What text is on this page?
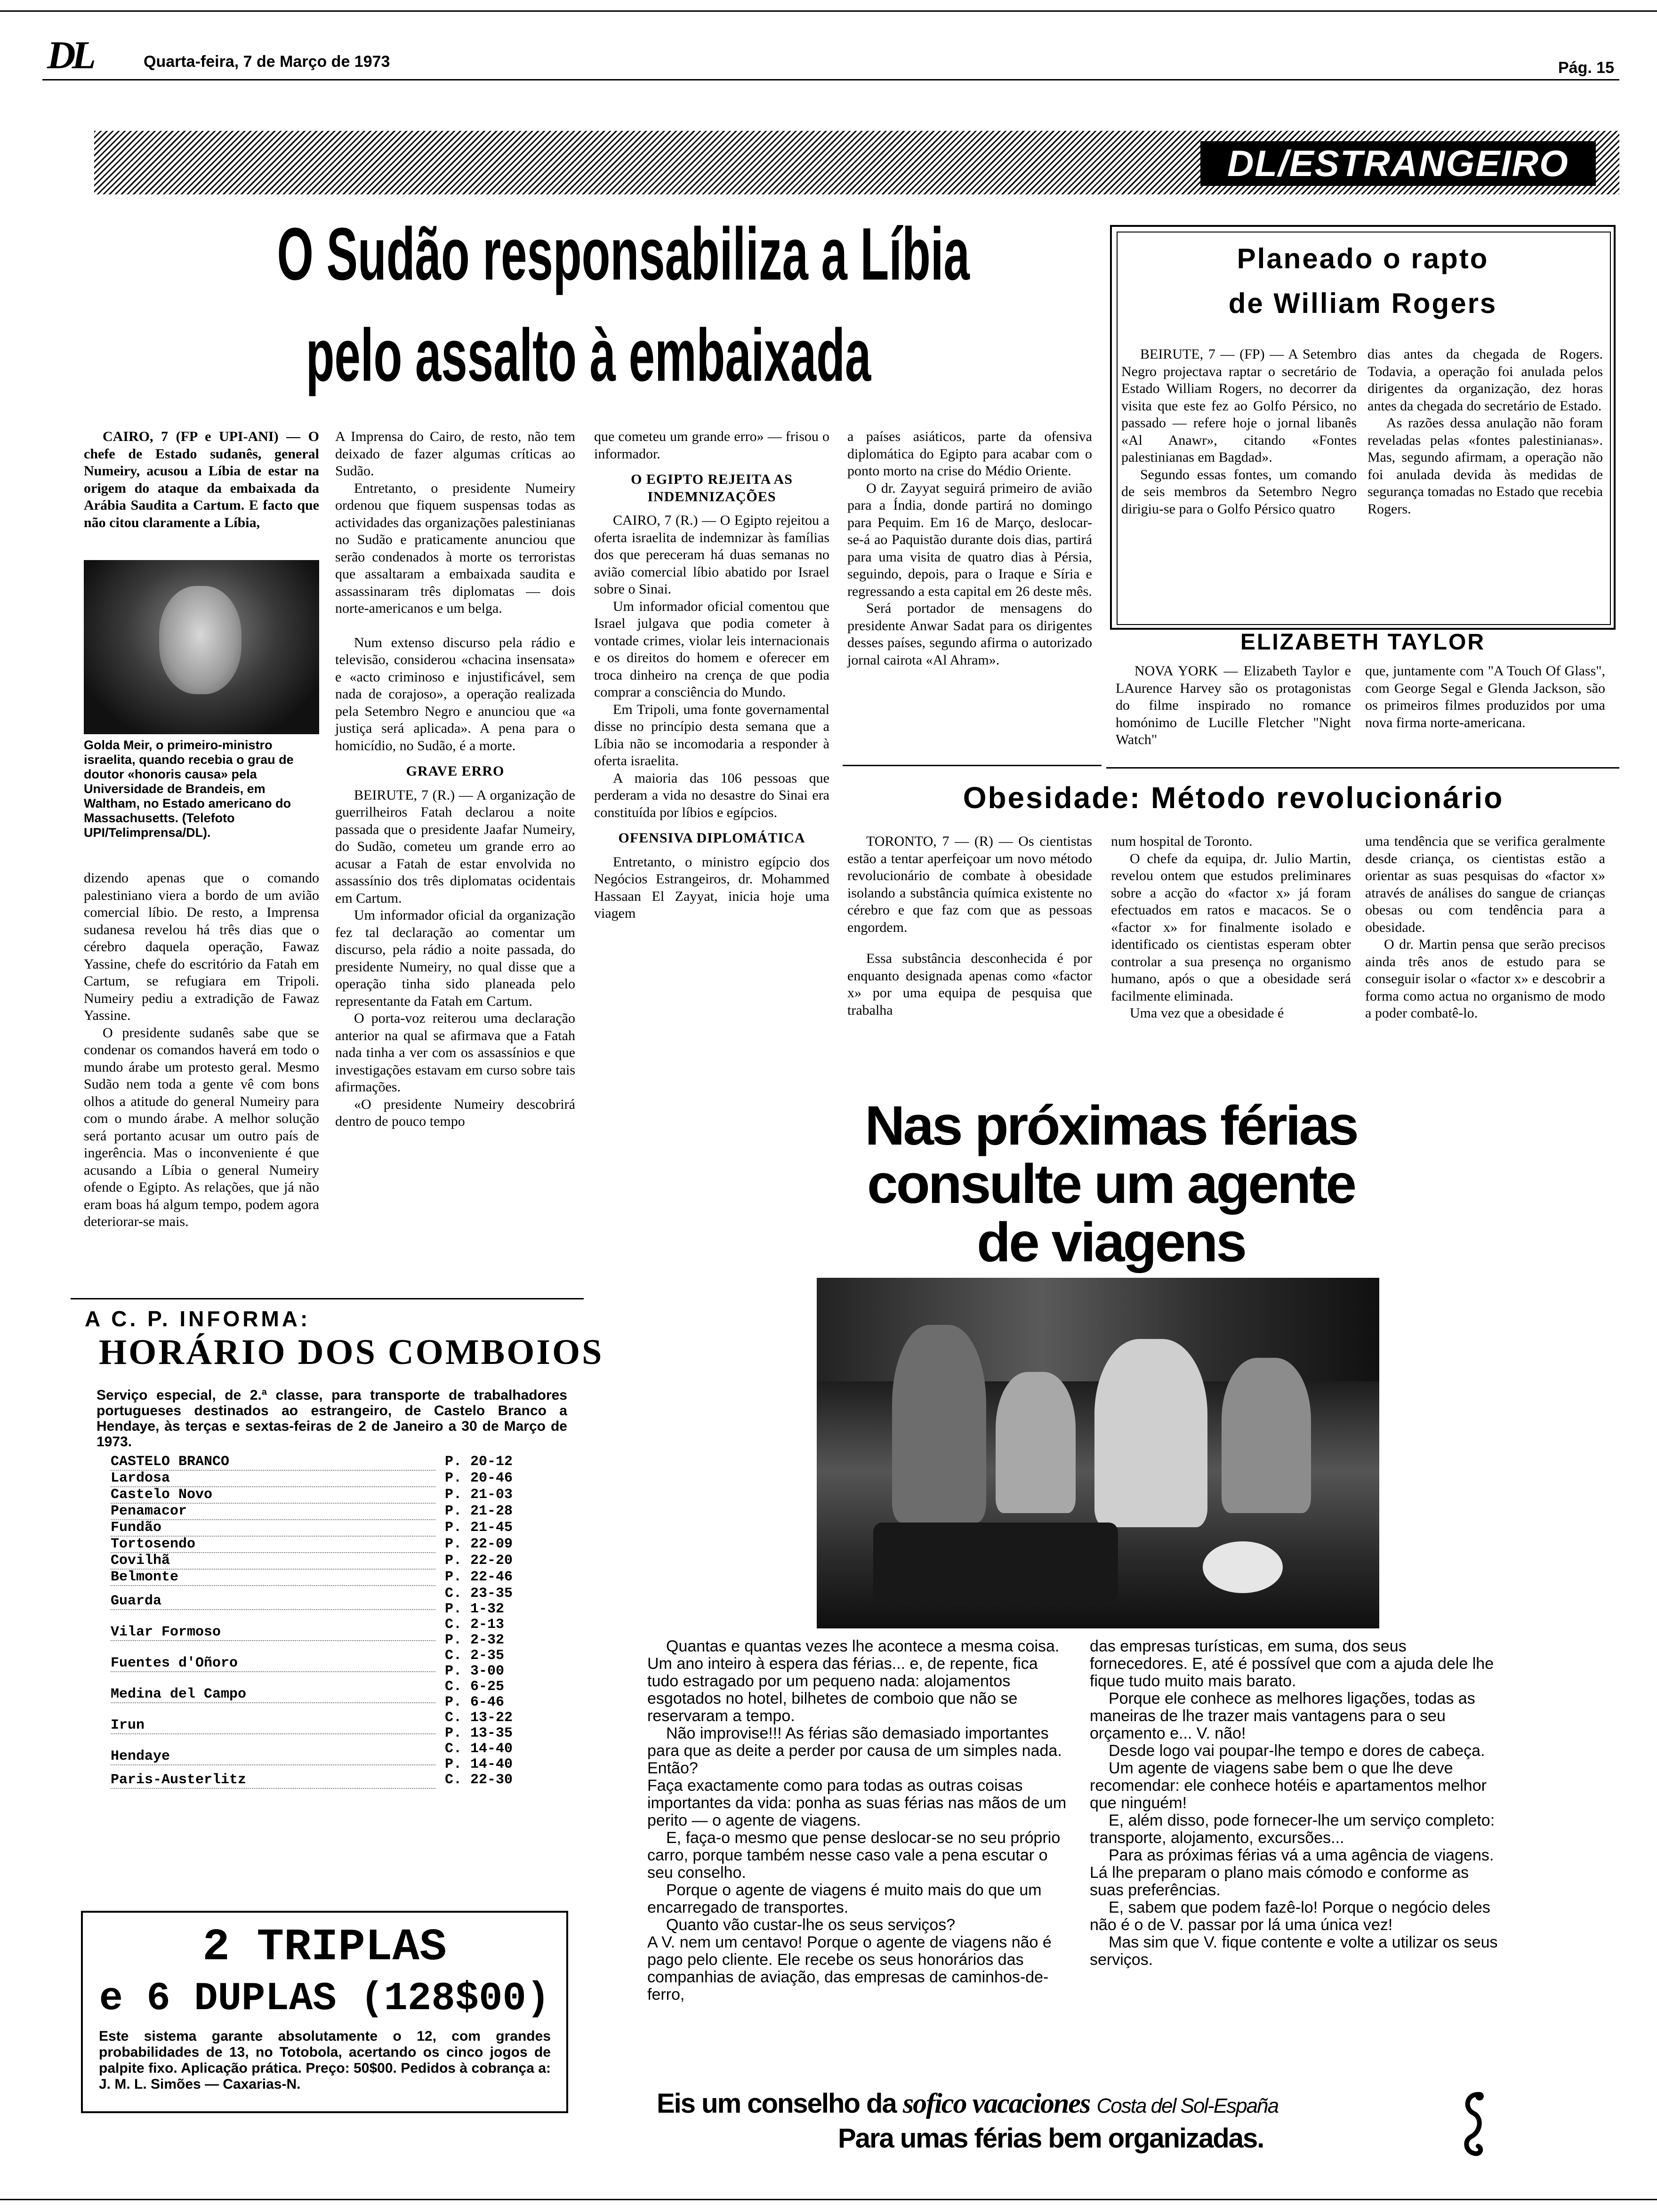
DL	Quarta-feira, 7 de Março de 1973	Pág. 15
DL/ESTRANGEIRO
O Sudão responsabiliza a Líbia
pelo assalto à embaixada

CAIRO, 7 (FP e UPI-ANI) — O chefe de Estado sudanês, general Numeiry, acusou a Líbia de estar na origem do ataque da embaixada da Arábia Saudita a Cartum. E facto que não citou claramente a Líbia,

Golda Meir, o primeiro-ministro israelita, quando recebia o grau de doutor «honoris causa» pela Universidade de Brandeis, em Waltham, no Estado americano do Massachusetts. (Telefoto UPI/Telimprensa/DL).

dizendo apenas que o comando palestiniano viera a bordo de um avião comercial líbio. De resto, a Imprensa sudanesa revelou há três dias que o cérebro daquela operação, Fawaz Yassine, chefe do escritório da Fatah em Cartum, se refugiara em Tripoli. Numeiry pediu a extradição de Fawaz Yassine.

O presidente sudanês sabe que se condenar os comandos haverá em todo o mundo árabe um protesto geral. Mesmo Sudão nem toda a gente vê com bons olhos a atitude do general Numeiry para com o mundo árabe. A melhor solução será portanto acusar um outro país de ingerência. Mas o inconveniente é que acusando a Líbia o general Numeiry ofende o Egipto. As relações, que já não eram boas há algum tempo, podem agora deteriorar-se mais.

A Imprensa do Cairo, de resto, não tem deixado de fazer algumas críticas ao Sudão.

Entretanto, o presidente Numeiry ordenou que fiquem suspensas todas as actividades das organizações palestinianas no Sudão e praticamente anunciou que serão condenados à morte os terroristas que assaltaram a embaixada saudita e assassinaram três diplomatas — dois norte-americanos e um belga.

Num extenso discurso pela rádio e televisão, considerou «chacina insensata» e «acto criminoso e injustificável, sem nada de corajoso», a operação realizada pela Setembro Negro e anunciou que «a justiça será aplicada». A pena para o homicídio, no Sudão, é a morte.

GRAVE ERRO

BEIRUTE, 7 (R.) — A organização de guerrilheiros Fatah declarou a noite passada que o presidente Jaafar Numeiry, do Sudão, cometeu um grande erro ao acusar a Fatah de estar envolvida no assassínio dos três diplomatas ocidentais em Cartum.

Um informador oficial da organização fez tal declaração ao comentar um discurso, pela rádio a noite passada, do presidente Numeiry, no qual disse que a operação tinha sido planeada pelo representante da Fatah em Cartum.

O porta-voz reiterou uma declaração anterior na qual se afirmava que a Fatah nada tinha a ver com os assassínios e que investigações estavam em curso sobre tais afirmações.

«O presidente Numeiry descobrirá dentro de pouco tempo

que cometeu um grande erro» — frisou o informador.

O EGIPTO REJEITA AS INDEMNIZAÇÕES

CAIRO, 7 (R.) — O Egipto rejeitou a oferta israelita de indemnizar às famílias dos que pereceram há duas semanas no avião comercial líbio abatido por Israel sobre o Sinai.

Um informador oficial comentou que Israel julgava que podia cometer à vontade crimes, violar leis internacionais e os direitos do homem e oferecer em troca dinheiro na crença de que podia comprar a consciência do Mundo.

Em Tripoli, uma fonte governamental disse no princípio desta semana que a Líbia não se incomodaria a responder à oferta israelita.

A maioria das 106 pessoas que perderam a vida no desastre do Sinai era constituída por líbios e egípcios.

OFENSIVA DIPLOMÁTICA

Entretanto, o ministro egípcio dos Negócios Estrangeiros, dr. Mohammed Hassaan El Zayyat, inicia hoje uma viagem

a países asiáticos, parte da ofensiva diplomática do Egipto para acabar com o ponto morto na crise do Médio Oriente.

O dr. Zayyat seguirá primeiro de avião para a Índia, donde partirá no domingo para Pequim. Em 16 de Março, deslocar-se-á ao Paquistão durante dois dias, partirá para uma visita de quatro dias à Pérsia, seguindo, depois, para o Iraque e Síria e regressando a esta capital em 26 deste mês.

Será portador de mensagens do presidente Anwar Sadat para os dirigentes desses países, segundo afirma o autorizado jornal cairota «Al Ahram».

Planeado o rapto
de William Rogers

BEIRUTE, 7 — (FP) — A Setembro Negro projectava raptar o secretário de Estado William Rogers, no decorrer da visita que este fez ao Golfo Pérsico, no passado — refere hoje o jornal libanês «Al Anawr», citando «Fontes palestinianas em Bagdad».

Segundo essas fontes, um comando de seis membros da Setembro Negro dirigiu-se para o Golfo Pérsico quatro

dias antes da chegada de Rogers. Todavia, a operação foi anulada pelos dirigentes da organização, dez horas antes da chegada do secretário de Estado.

As razões dessa anulação não foram reveladas pelas «fontes palestinianas». Mas, segundo afirmam, a operação não foi anulada devida às medidas de segurança tomadas no Estado que recebia Rogers.

ELIZABETH TAYLOR

NOVA YORK — Elizabeth Taylor e LAurence Harvey são os protagonistas do filme inspirado no romance homónimo de Lucille Fletcher "Night Watch"

que, juntamente com "A Touch Of Glass", com George Segal e Glenda Jackson, são os primeiros filmes produzidos por uma nova firma norte-americana.

Obesidade: Método revolucionário

TORONTO, 7 — (R) — Os cientistas estão a tentar aperfeiçoar um novo método revolucionário de combate à obesidade isolando a substância química existente no cérebro e que faz com que as pessoas engordem.

Essa substância desconhecida é por enquanto designada apenas como «factor x» por uma equipa de pesquisa que trabalha

num hospital de Toronto.

O chefe da equipa, dr. Julio Martin, revelou ontem que estudos preliminares sobre a acção do «factor x» já foram efectuados em ratos e macacos. Se o «factor x» for finalmente isolado e identificado os cientistas esperam obter controlar a sua presença no organismo humano, após o que a obesidade será facilmente eliminada.

Uma vez que a obesidade é

uma tendência que se verifica geralmente desde criança, os cientistas estão a orientar as suas pesquisas do «factor x» através de análises do sangue de crianças obesas ou com tendência para a obesidade.

O dr. Martin pensa que serão precisos ainda três anos de estudo para se conseguir isolar o «factor x» e descobrir a forma como actua no organismo de modo a poder combatê-lo.

A C. P. INFORMA:
HORÁRIO DOS COMBOIOS
Serviço especial, de 2.ª classe, para transporte de trabalhadores portugueses destinados ao estrangeiro, de Castelo Branco a Hendaye, às terças e sextas-feiras de 2 de Janeiro a 30 de Março de 1973.
CASTELO BRANCO	P. 20-12
Lardosa	P. 20-46
Castelo Novo	P. 21-03
Penamacor	P. 21-28
Fundão	P. 21-45
Tortosendo	P. 22-09
Covilhã	P. 22-20
Belmonte	P. 22-46
Guarda	C. 23-35
P. 1-32
Vilar Formoso	C. 2-13
P. 2-32
Fuentes d'Oñoro	C. 2-35
P. 3-00
Medina del Campo	C. 6-25
P. 6-46
Irun	C. 13-22
P. 13-35
Hendaye	C. 14-40
P. 14-40
Paris-Austerlitz	C. 22-30
2 TRIPLAS
e 6 DUPLAS (128$00)
Este sistema garante absolutamente o 12, com grandes probabilidades de 13, no Totobola, acertando os cinco jogos de palpite fixo. Aplicação prática. Preço: 50$00. Pedidos à cobrança a: J. M. L. Simões — Caxarias-N.
Nas próximas férias
consulte um agente
de viagens

Quantas e quantas vezes lhe acontece a mesma coisa. Um ano inteiro à espera das férias... e, de repente, fica tudo estragado por um pequeno nada: alojamentos esgotados no hotel, bilhetes de comboio que não se reservaram a tempo.

Não improvise!!! As férias são demasiado importantes para que as deite a perder por causa de um simples nada. Então?

Faça exactamente como para todas as outras coisas importantes da vida: ponha as suas férias nas mãos de um perito — o agente de viagens.

E, faça-o mesmo que pense deslocar-se no seu próprio carro, porque também nesse caso vale a pena escutar o seu conselho.

Porque o agente de viagens é muito mais do que um encarregado de transportes.

Quanto vão custar-lhe os seus serviços?

A V. nem um centavo! Porque o agente de viagens não é pago pelo cliente. Ele recebe os seus honorários das companhias de aviação, das empresas de caminhos-de-ferro,

das empresas turísticas, em suma, dos seus fornecedores. E, até é possível que com a ajuda dele lhe fique tudo muito mais barato.

Porque ele conhece as melhores ligações, todas as maneiras de lhe trazer mais vantagens para o seu orçamento e... V. não!

Desde logo vai poupar-lhe tempo e dores de cabeça.

Um agente de viagens sabe bem o que lhe deve recomendar: ele conhece hotéis e apartamentos melhor que ninguém!

E, além disso, pode fornecer-lhe um serviço completo: transporte, alojamento, excursões...

Para as próximas férias vá a uma agência de viagens. Lá lhe preparam o plano mais cómodo e conforme as suas preferências.

E, sabem que podem fazê-lo! Porque o negócio deles não é o de V. passar por lá uma única vez!

Mas sim que V. fique contente e volte a utilizar os seus serviços.

Eis um conselho da sofico vacaciones Costa del Sol-España
Para umas férias bem organizadas.
